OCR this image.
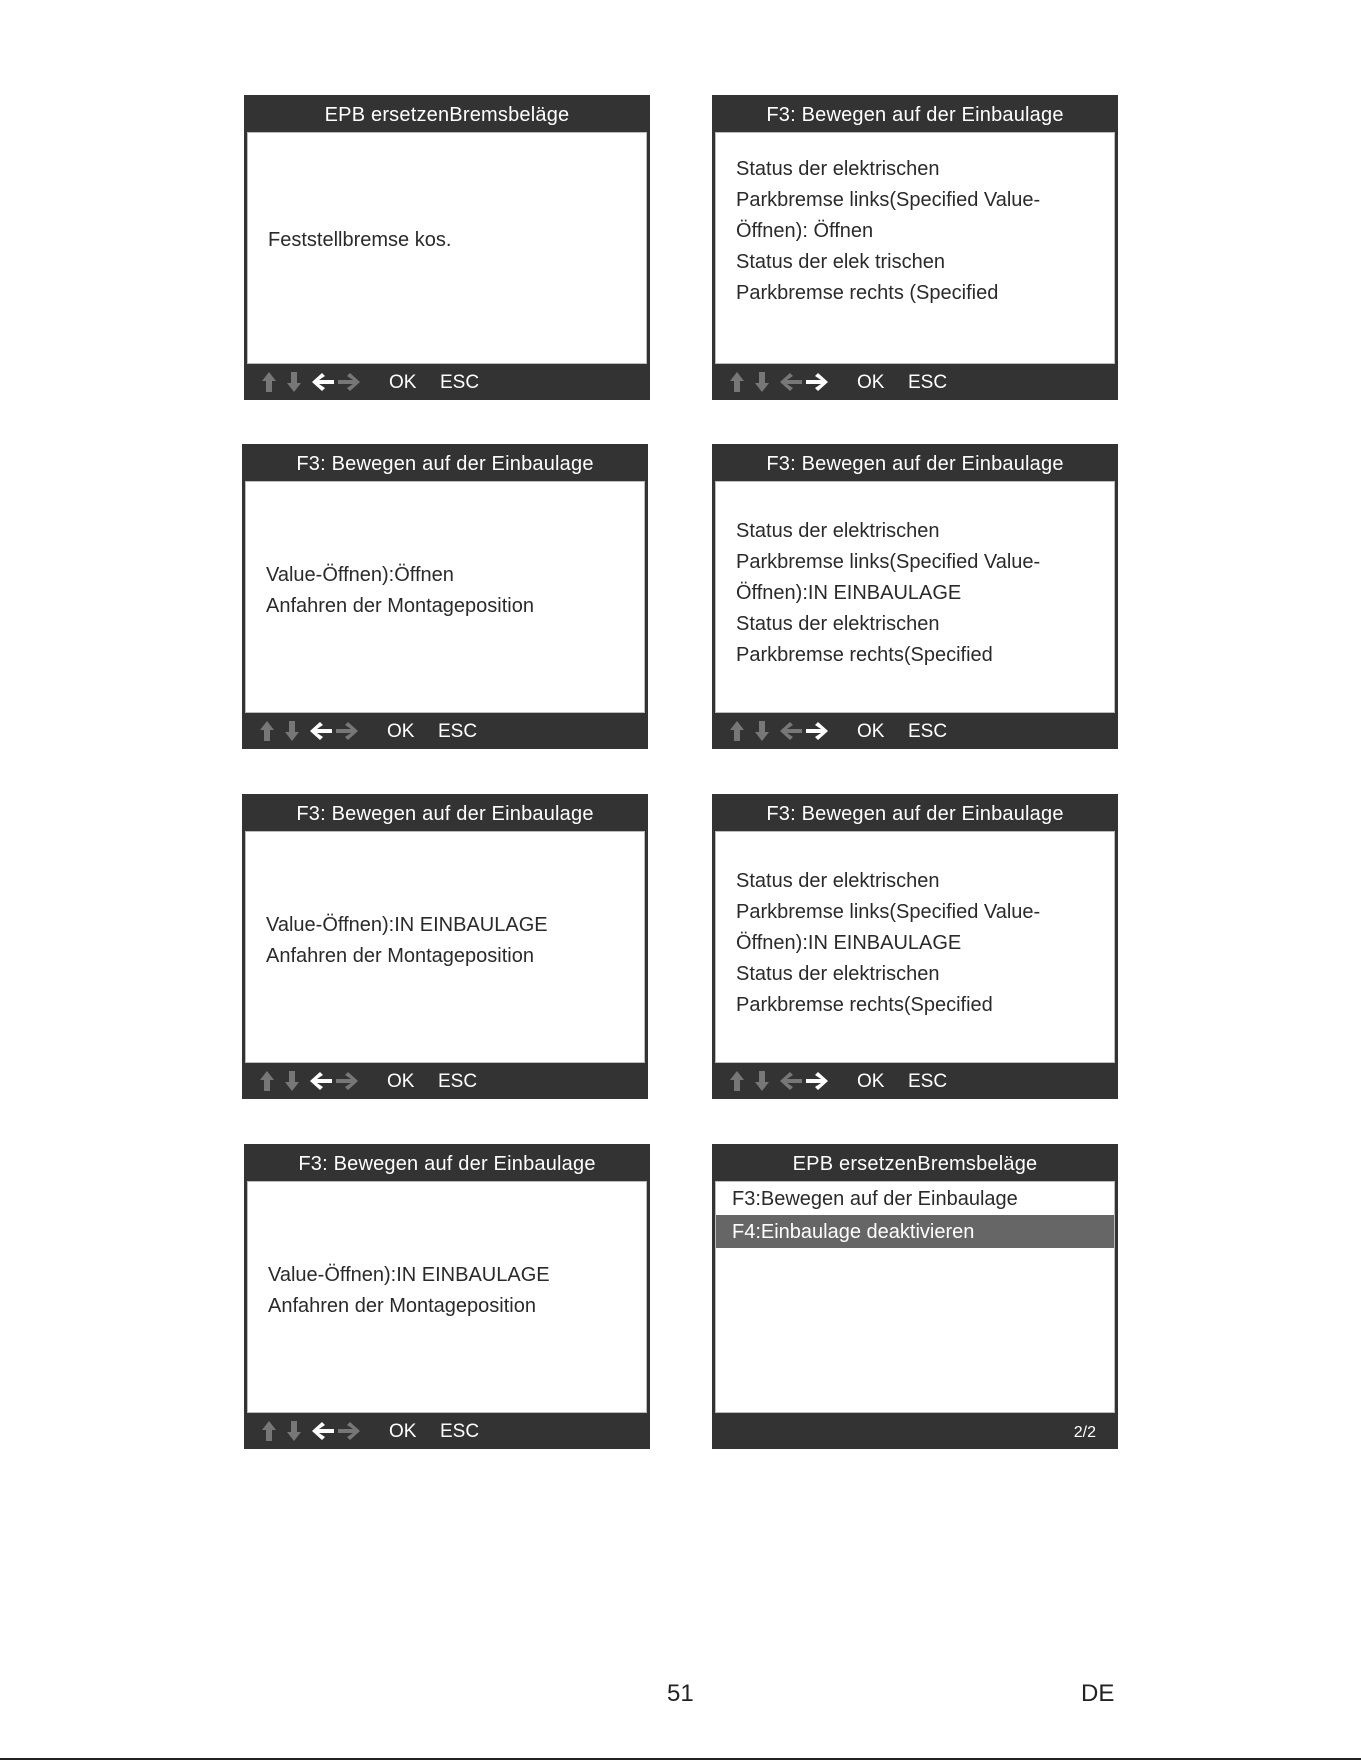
EPB ersetzenBremsbeläge
Feststellbremse kos.
OK ESC
F3: Bewegen auf der Einbaulage
Status der elektrischen
Parkbremse links(Specified Value-
Öffnen): Öffnen
Status der elek trischen
Parkbremse rechts (Specified
OK ESC
F3: Bewegen auf der Einbaulage
Value-Öffnen):Öffnen
Anfahren der Montageposition
OK ESC
F3: Bewegen auf der Einbaulage
Status der elektrischen
Parkbremse links(Specified Value-
Öffnen):IN EINBAULAGE
Status der elektrischen
Parkbremse rechts(Specified
OK ESC
F3: Bewegen auf der Einbaulage
Value-Öffnen):IN EINBAULAGE
Anfahren der Montageposition
OK ESC
F3: Bewegen auf der Einbaulage
Status der elektrischen
Parkbremse links(Specified Value-
Öffnen):IN EINBAULAGE
Status der elektrischen
Parkbremse rechts(Specified
OK ESC
F3: Bewegen auf der Einbaulage
Value-Öffnen):IN EINBAULAGE
Anfahren der Montageposition
OK ESC
EPB ersetzenBremsbeläge
F3:Bewegen auf der Einbaulage
F4:Einbaulage deaktivieren
2/2
51	DE
